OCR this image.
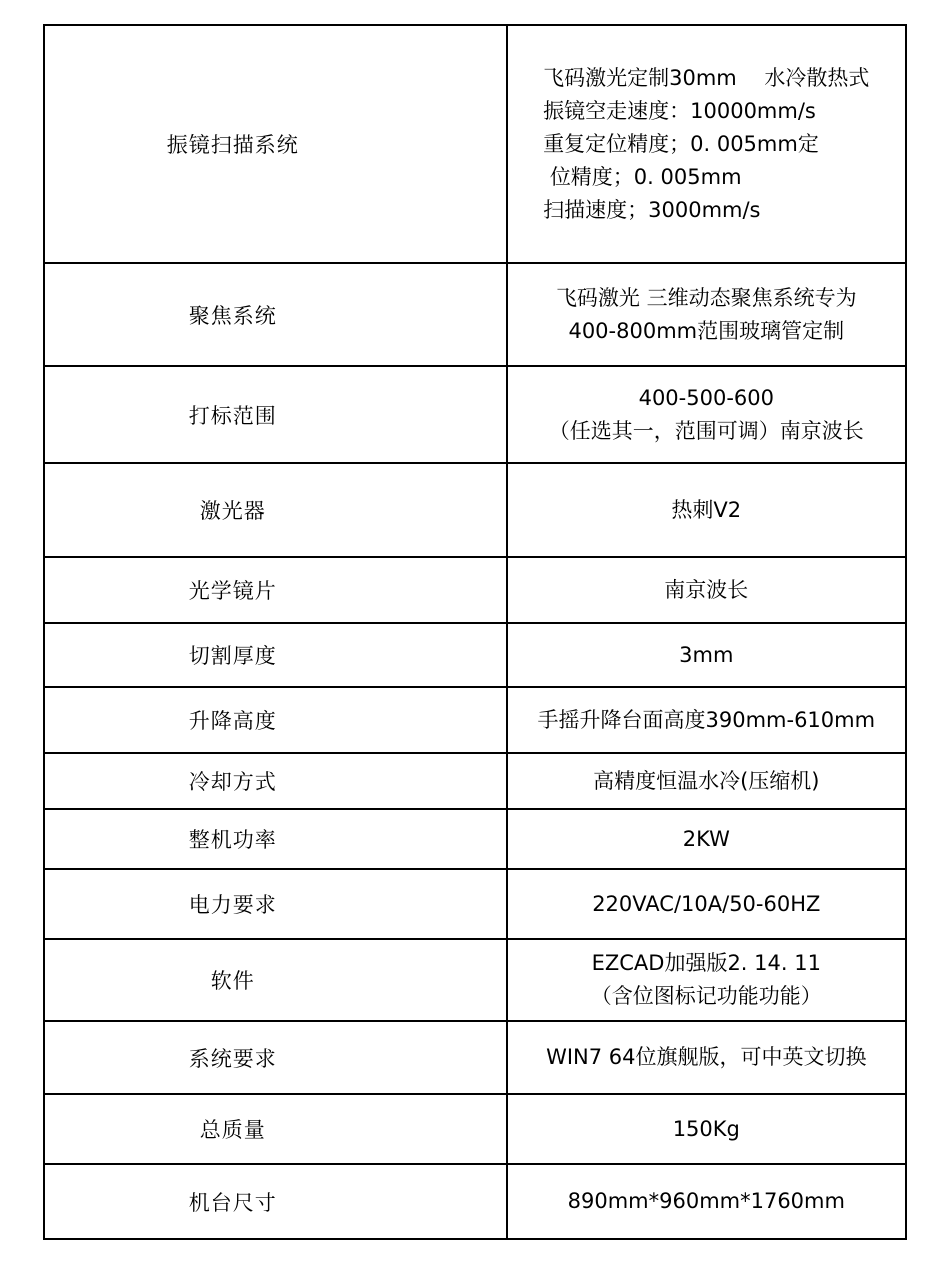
振镜扫描系统	飞码激光定制30mm　 水冷散热式
振镜空走速度：10000mm/s
重复定位精度；0. 005mm定
位精度；0. 005mm
扫描速度；3000mm/s

聚焦系统	飞码激光 三维动态聚焦系统专为
400-800mm范围玻璃管定制

打标范围	400-500-600
（任选其一，范围可调）南京波长

激光器	热刺V2

光学镜片	南京波长

切割厚度	3mm

升降高度	手摇升降台面高度390mm-610mm

冷却方式	高精度恒温水冷(压缩机)

整机功率	2KW

电力要求	220VAC/10A/50-60HZ

软件	EZCAD加强版2. 14. 11
（含位图标记功能功能）

系统要求	WIN7 64位旗舰版，可中英文切换

总质量	150Kg

机台尺寸	890mm*960mm*1760mm
